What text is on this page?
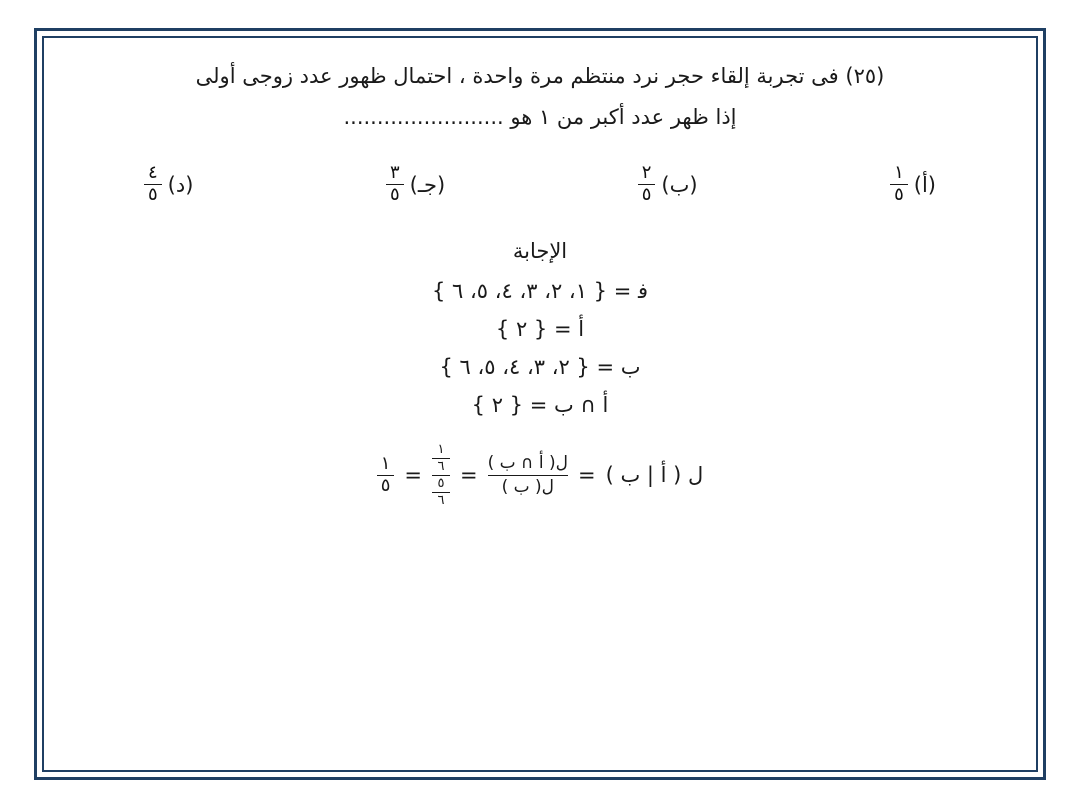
(٢٥) فى تجربة إلقاء حجر نرد منتظم مرة واحدة ، احتمال ظهور عدد زوجى أولى
إذا ظهر عدد أكبر من ١ هو ........................
(أ)
$\frac{١}{٥}$
(ب)
$\frac{٢}{٥}$
(جـ)
$\frac{٣}{٥}$
(د)
$\frac{٤}{٥}$
الإجابة
ﻓ = { ١، ٢، ٣، ٤، ٥، ٦ }
ﺃ = { ٢ }
ﺏ = { ٢، ٣، ٤، ٥، ٦ }
ﺃ ∩ ﺏ = { ٢ }
ل ( ﺃ | ﺏ )
=
ل( ﺃ ∩ ﺏ )
ل( ﺏ )
=
$\frac{\frac{١}{٦}}{\frac{٥}{٦}}$
=
$\frac{١}{٥}$
